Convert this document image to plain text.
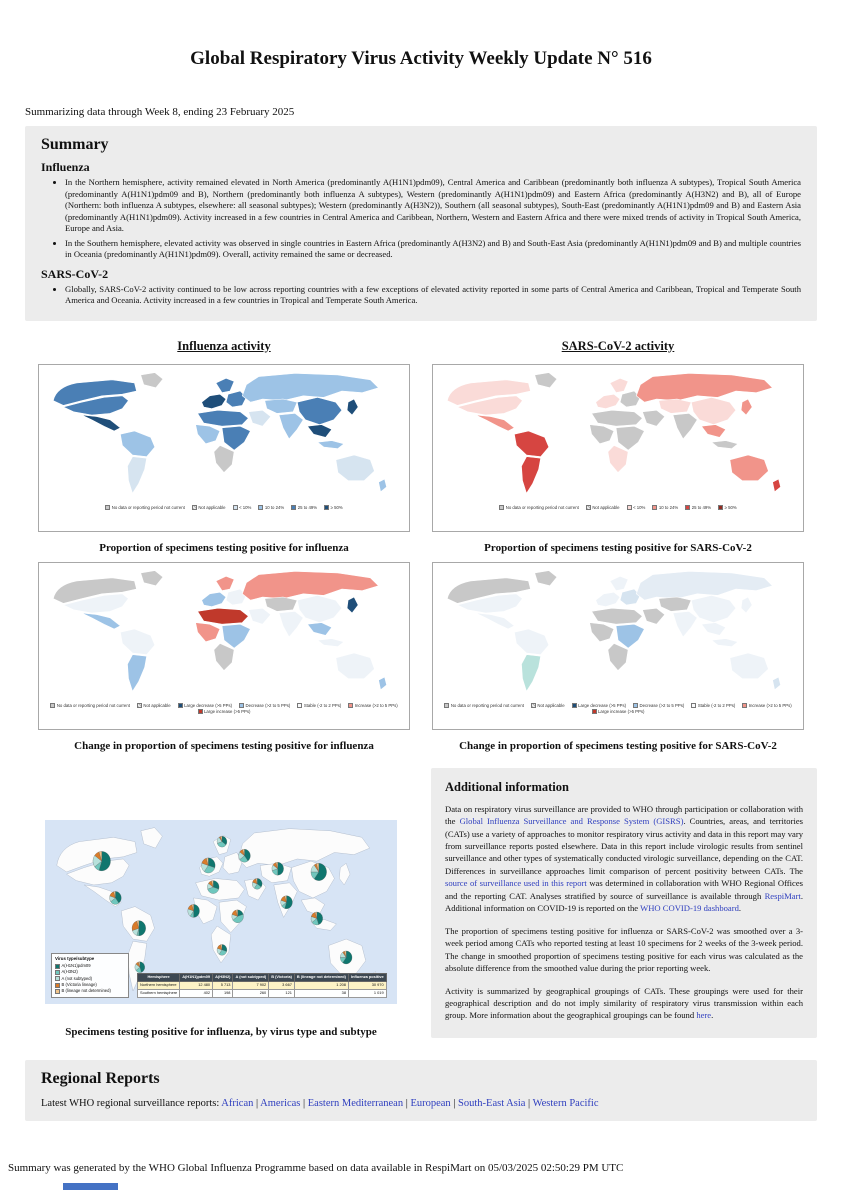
Global Respiratory Virus Activity Weekly Update N° 516
Summarizing data through Week 8, ending 23 February 2025
Summary
Influenza
• In the Northern hemisphere, activity remained elevated in North America (predominantly A(H1N1)pdm09), Central America and Caribbean (predominantly both influenza A subtypes), Tropical South America (predominantly A(H1N1)pdm09 and B), Northern (predominantly both influenza A subtypes), Western (predominantly A(H1N1)pdm09) and Eastern Africa (predominantly A(H3N2) and B), all of Europe (Northern: both influenza A subtypes, elsewhere: all seasonal subtypes); Western (predominantly A(H3N2)), Southern (all seasonal subtypes), South-East (predominantly A(H1N1)pdm09 and B) and Eastern Asia (predominantly A(H1N1)pdm09). Activity increased in a few countries in Central America and Caribbean, Northern, Western and Eastern Africa and there were mixed trends of activity in Tropical South America, Europe and Asia.
• In the Southern hemisphere, elevated activity was observed in single countries in Eastern Africa (predominantly A(H3N2) and B) and South-East Asia (predominantly A(H1N1)pdm09 and B) and multiple countries in Oceania (predominantly A(H1N1)pdm09). Overall, activity remained the same or decreased.
SARS-CoV-2
• Globally, SARS-CoV-2 activity continued to be low across reporting countries with a few exceptions of elevated activity reported in some parts of Central America and Caribbean, Tropical and Temperate South America and Oceania. Activity increased in a few countries in Tropical and Temperate South America.
Influenza activity
No data or reporting period not current	Not applicable	< 10%	10 to 24%	25 to 49%	≥ 50%
Proportion of specimens testing positive for influenza
No data or reporting period not current	Not applicable	Large decrease (>5 PPs)	Decrease (>2 to 5 PPs)	Stable (-2 to 2 PPs)	Increase (>2 to 5 PPs)
Large increase (>5 PPs)
Change in proportion of specimens testing positive for influenza
SARS-CoV-2 activity
No data or reporting period not current	Not applicable	< 10%	10 to 24%	25 to 49%	≥ 50%
Proportion of specimens testing positive for SARS-CoV-2
No data or reporting period not current	Not applicable	Large decrease (>5 PPs)	Decrease (>2 to 5 PPs)	Stable (-2 to 2 PPs)	Increase (>2 to 5 PPs)
Large increase (>5 PPs)
Change in proportion of specimens testing positive for SARS-CoV-2
Virus type/subtype
A(H1N1)pdm09
A(H3N2)
A (not subtyped)
B (Victoria lineage)
B (lineage not determined)
Hemisphere	A(H1N1)pdm09	A(H3N2)	A (not subtyped)	B (Victoria)	B (lineage not determined)	Influenza positive
Northern hemisphere	12 480	5 713	7 902	3 667	1 208	30 970
Southern hemisphere	402	198	260	121	38	1 019
Specimens testing positive for influenza, by virus type and subtype
Additional information

Data on respiratory virus surveillance are provided to WHO through participation or collaboration with the Global Influenza Surveillance and Response System (GISRS). Countries, areas, and territories (CATs) use a variety of approaches to monitor respiratory virus activity and data in this report may vary from surveillance reports posted elsewhere. Data in this report include virologic results from sentinel surveillance and other types of systematically conducted virologic surveillance, depending on the CAT. Differences in surveillance approaches limit comparison of percent positivity between CATs. The source of surveillance used in this report was determined in collaboration with WHO Regional Offices and the reporting CAT. Analyses stratified by source of surveillance is available through RespiMart. Additional information on COVID-19 is reported on the WHO COVID-19 dashboard.

The proportion of specimens testing positive for influenza or SARS-CoV-2 was smoothed over a 3-week period among CATs who reported testing at least 10 specimens for 2 weeks of the 3-week period. The change in smoothed proportion of specimens testing positive for each virus was calculated as the absolute difference from the smoothed value during the prior reporting week.

Activity is summarized by geographical groupings of CATs. These groupings were used for their geographical description and do not imply similarity of respiratory virus transmission within each group. More information about the geographical groupings can be found here.

Regional Reports
Latest WHO regional surveillance reports: African | Americas | Eastern Mediterranean | European | South-East Asia | Western Pacific
Summary was generated by the WHO Global Influenza Programme based on data available in RespiMart on 05/03/2025 02:50:29 PM UTC
